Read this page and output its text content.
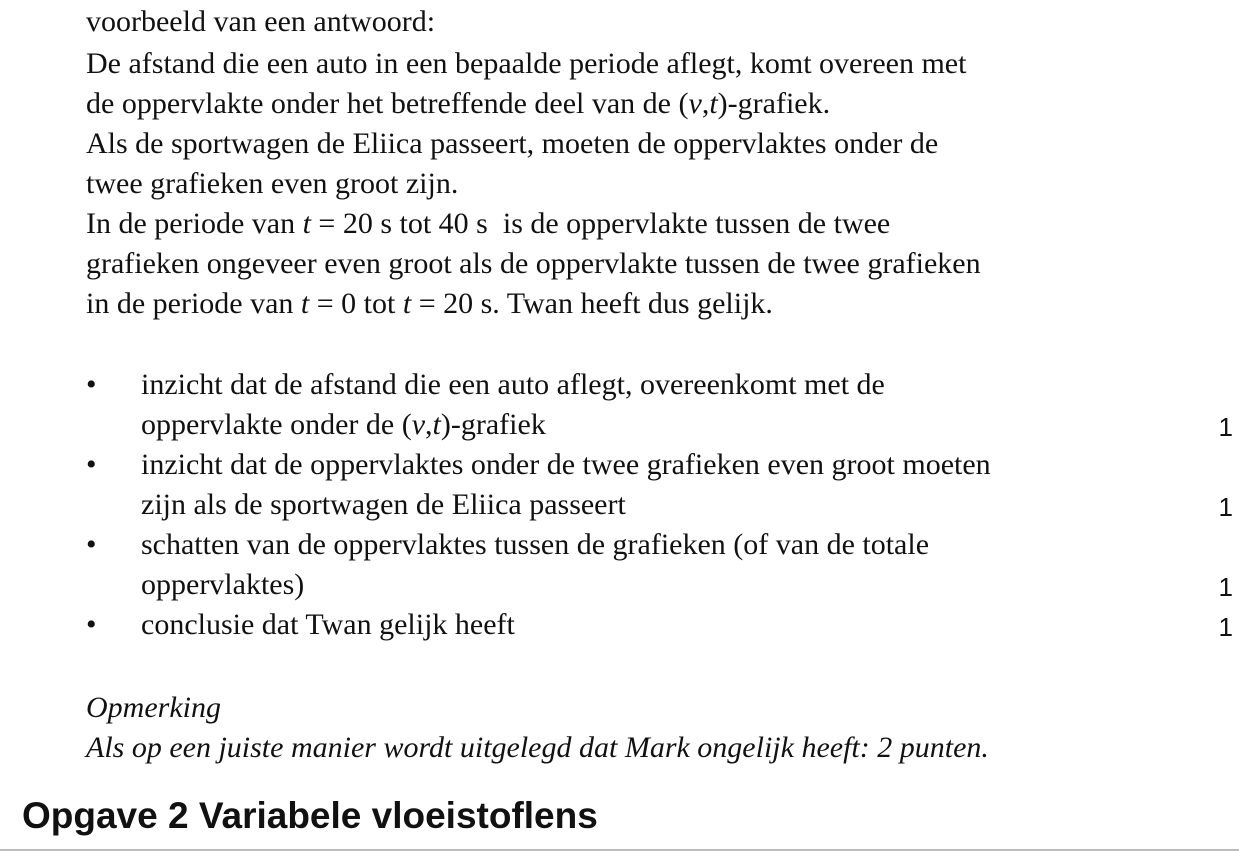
voorbeeld van een antwoord:
De afstand die een auto in een bepaalde periode aflegt, komt overeen met
de oppervlakte onder het betreffende deel van de (v,t)-grafiek.
Als de sportwagen de Eliica passeert, moeten de oppervlaktes onder de
twee grafieken even groot zijn.
In de periode van t = 20 s tot 40 s  is de oppervlakte tussen de twee
grafieken ongeveer even groot als de oppervlakte tussen de twee grafieken
in de periode van t = 0 tot t = 20 s. Twan heeft dus gelijk.
• inzicht dat de afstand die een auto aflegt, overeenkomt met de
oppervlakte onder de (v,t)-grafiek	1
• inzicht dat de oppervlaktes onder de twee grafieken even groot moeten
zijn als de sportwagen de Eliica passeert	1
• schatten van de oppervlaktes tussen de grafieken (of van de totale
oppervlaktes)	1
• conclusie dat Twan gelijk heeft	1
Opmerking
Als op een juiste manier wordt uitgelegd dat Mark ongelijk heeft: 2 punten.
Opgave 2 Variabele vloeistoflens
